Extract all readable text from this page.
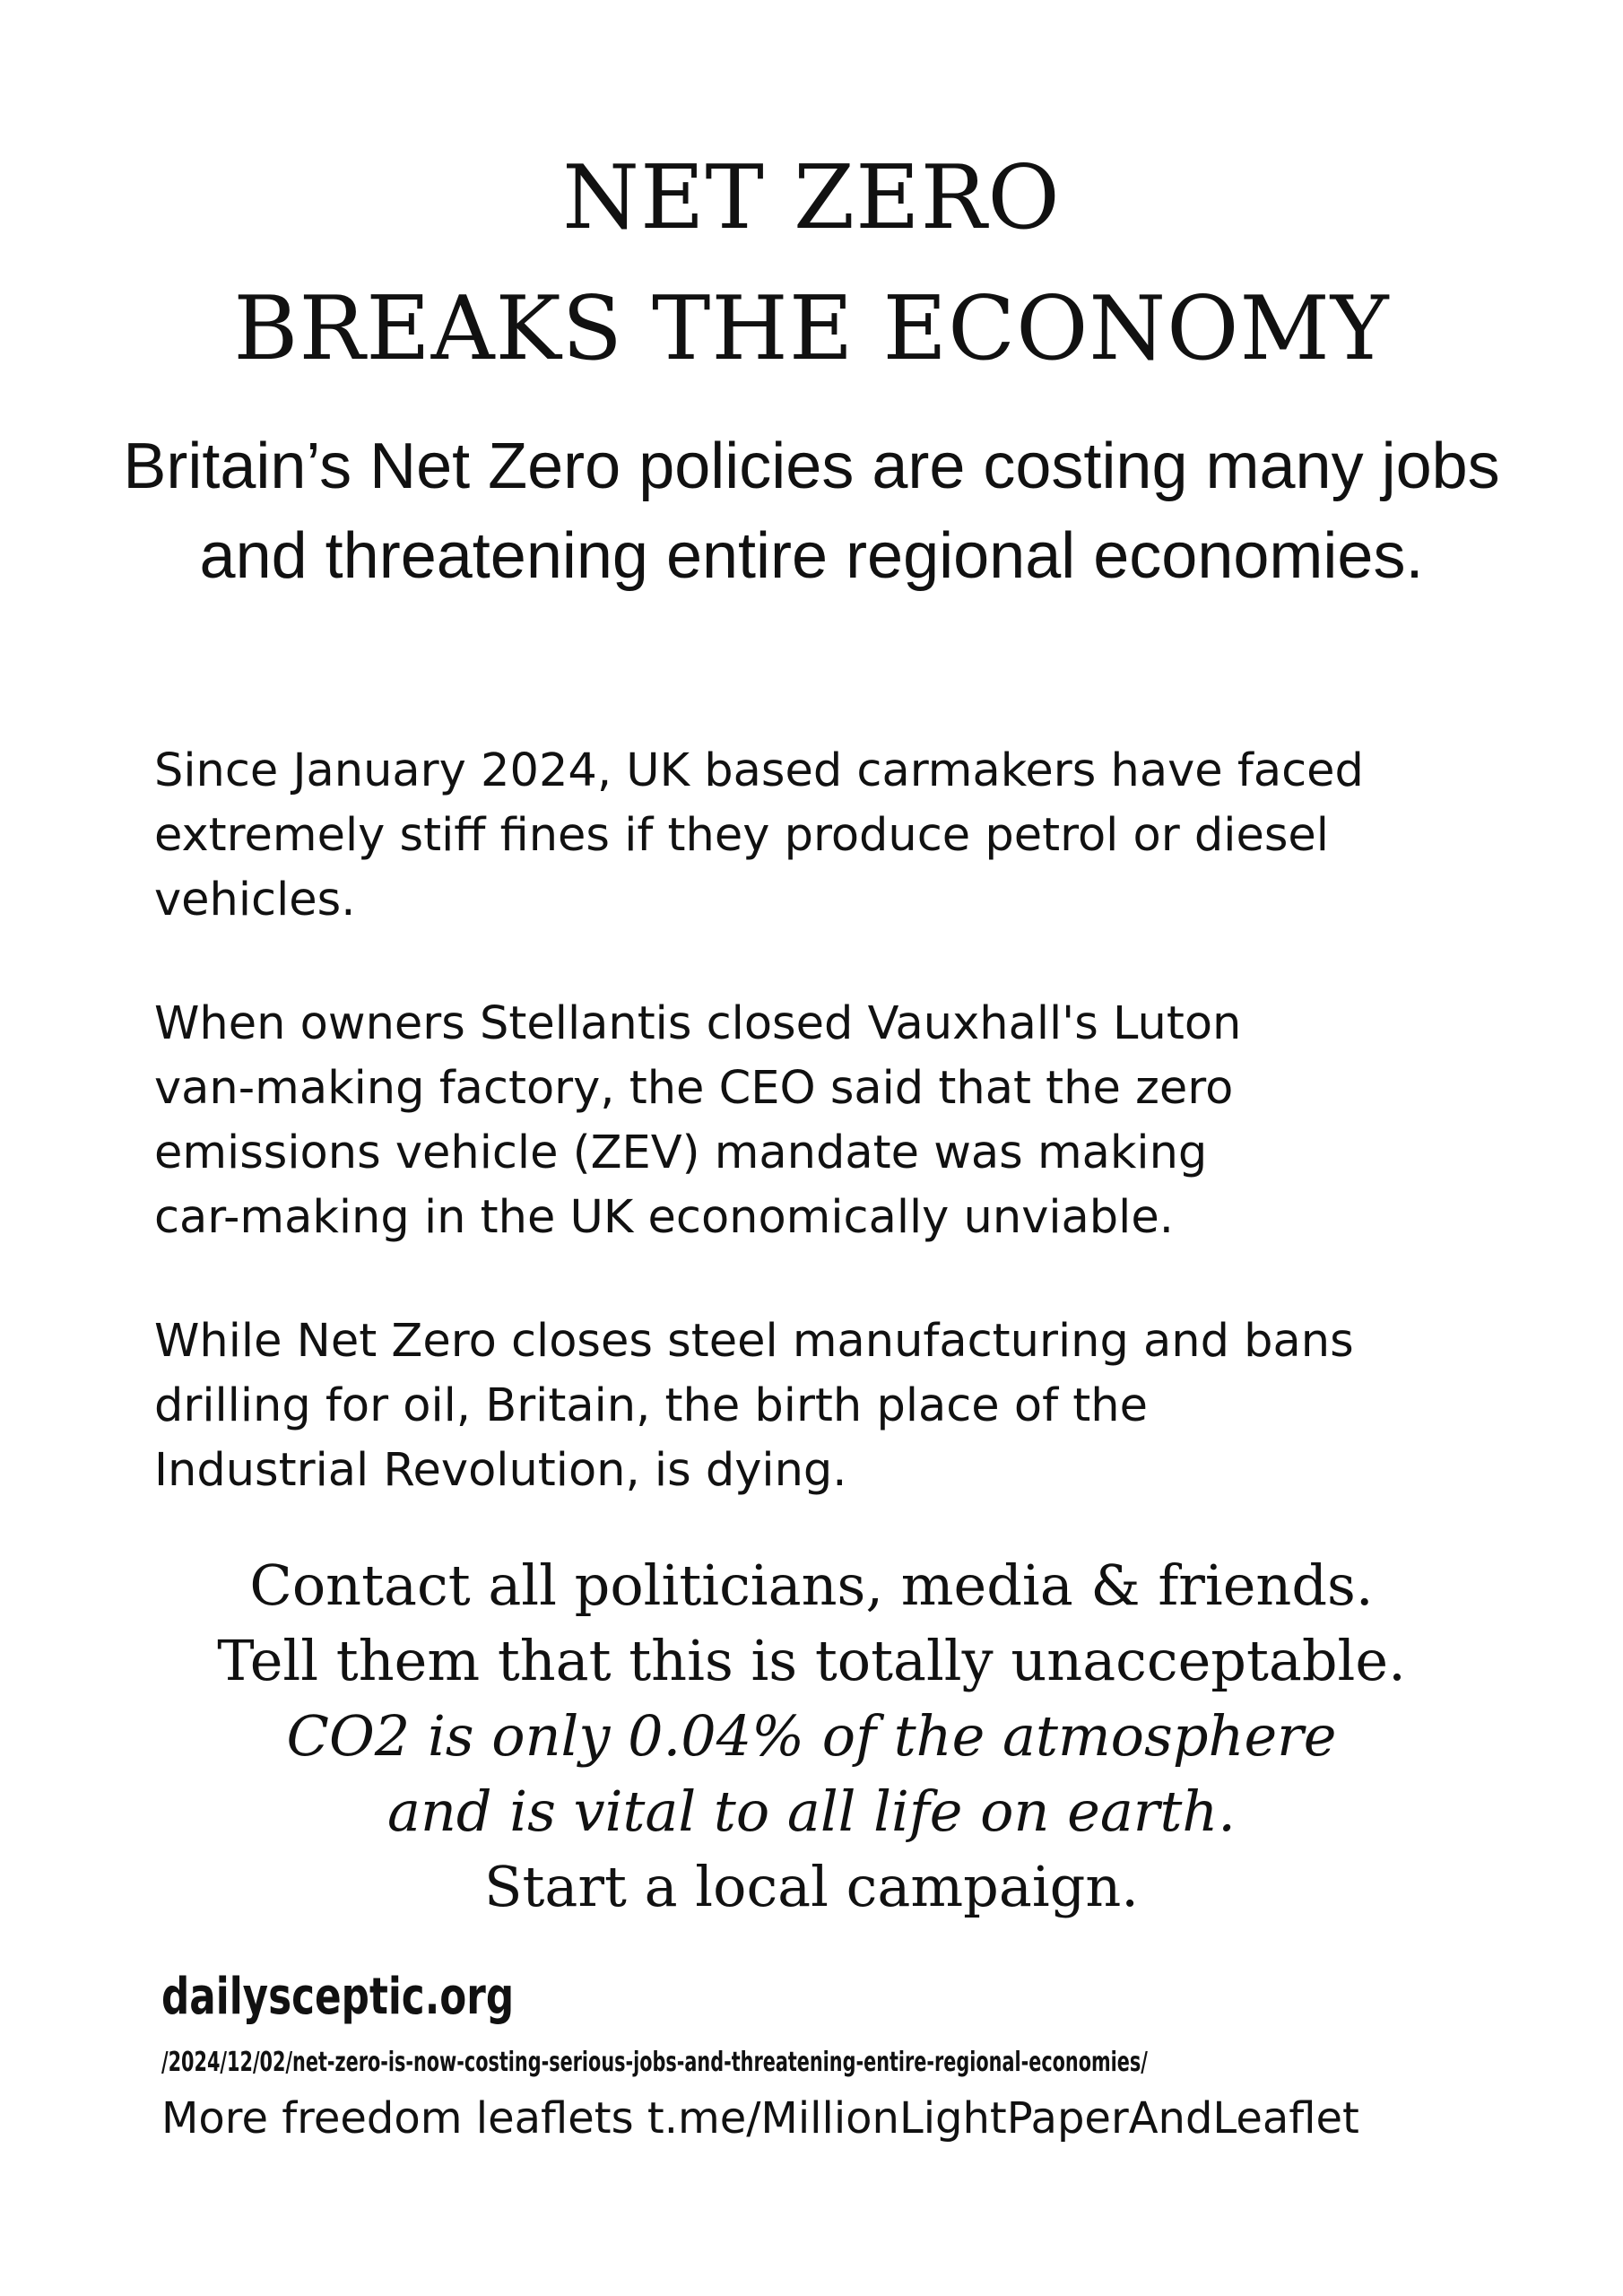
NET ZERO
BREAKS THE ECONOMY

Britain’s Net Zero policies are costing many jobs and threatening entire regional economies.

Since January 2024, UK based carmakers have faced
extremely stiff fines if they produce petrol or diesel
vehicles.

When owners Stellantis closed Vauxhall's Luton
van-making factory, the CEO said that the zero
emissions vehicle (ZEV) mandate was making
car-making in the UK economically unviable.

While Net Zero closes steel manufacturing and bans
drilling for oil, Britain, the birth place of the
Industrial Revolution, is dying.

Contact all politicians, media & friends.
Tell them that this is totally unacceptable.
CO2 is only 0.04% of the atmosphere
and is vital to all life on earth.
Start a local campaign.
dailysceptic.org
/2024/12/02/net-zero-is-now-costing-serious-jobs-and-threatening-entire-regional-economies/
More freedom leaflets t.me/MillionLightPaperAndLeaflet
